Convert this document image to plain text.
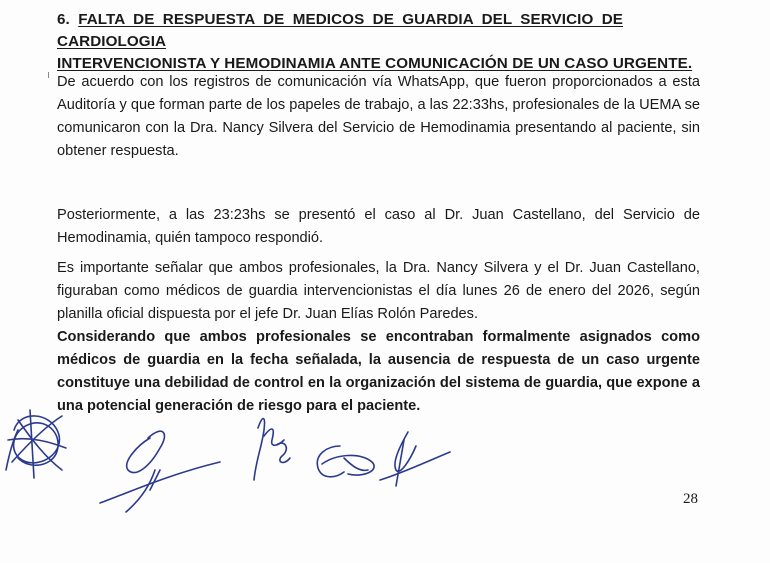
6. FALTA DE RESPUESTA DE MEDICOS DE GUARDIA DEL SERVICIO DE CARDIOLOGIA
INTERVENCIONISTA Y HEMODINAMIA ANTE COMUNICACIÓN DE UN CASO URGENTE.

De acuerdo con los registros de comunicación vía WhatsApp, que fueron proporcionados a esta Auditoría y que forman parte de los papeles de trabajo, a las 22:33hs, profesionales de la UEMA se comunicaron con la Dra. Nancy Silvera del Servicio de Hemodinamia presentando al paciente, sin obtener respuesta.

Posteriormente, a las 23:23hs se presentó el caso al Dr. Juan Castellano, del Servicio de Hemodinamia, quién tampoco respondió.

Es importante señalar que ambos profesionales, la Dra. Nancy Silvera y el Dr. Juan Castellano, figuraban como médicos de guardia intervencionistas el día lunes 26 de enero del 2026, según planilla oficial dispuesta por el jefe Dr. Juan Elías Rolón Paredes.

Considerando que ambos profesionales se encontraban formalmente asignados como médicos de guardia en la fecha señalada, la ausencia de respuesta de un caso urgente constituye una debilidad de control en la organización del sistema de guardia, que expone a una potencial generación de riesgo para el paciente.

28
